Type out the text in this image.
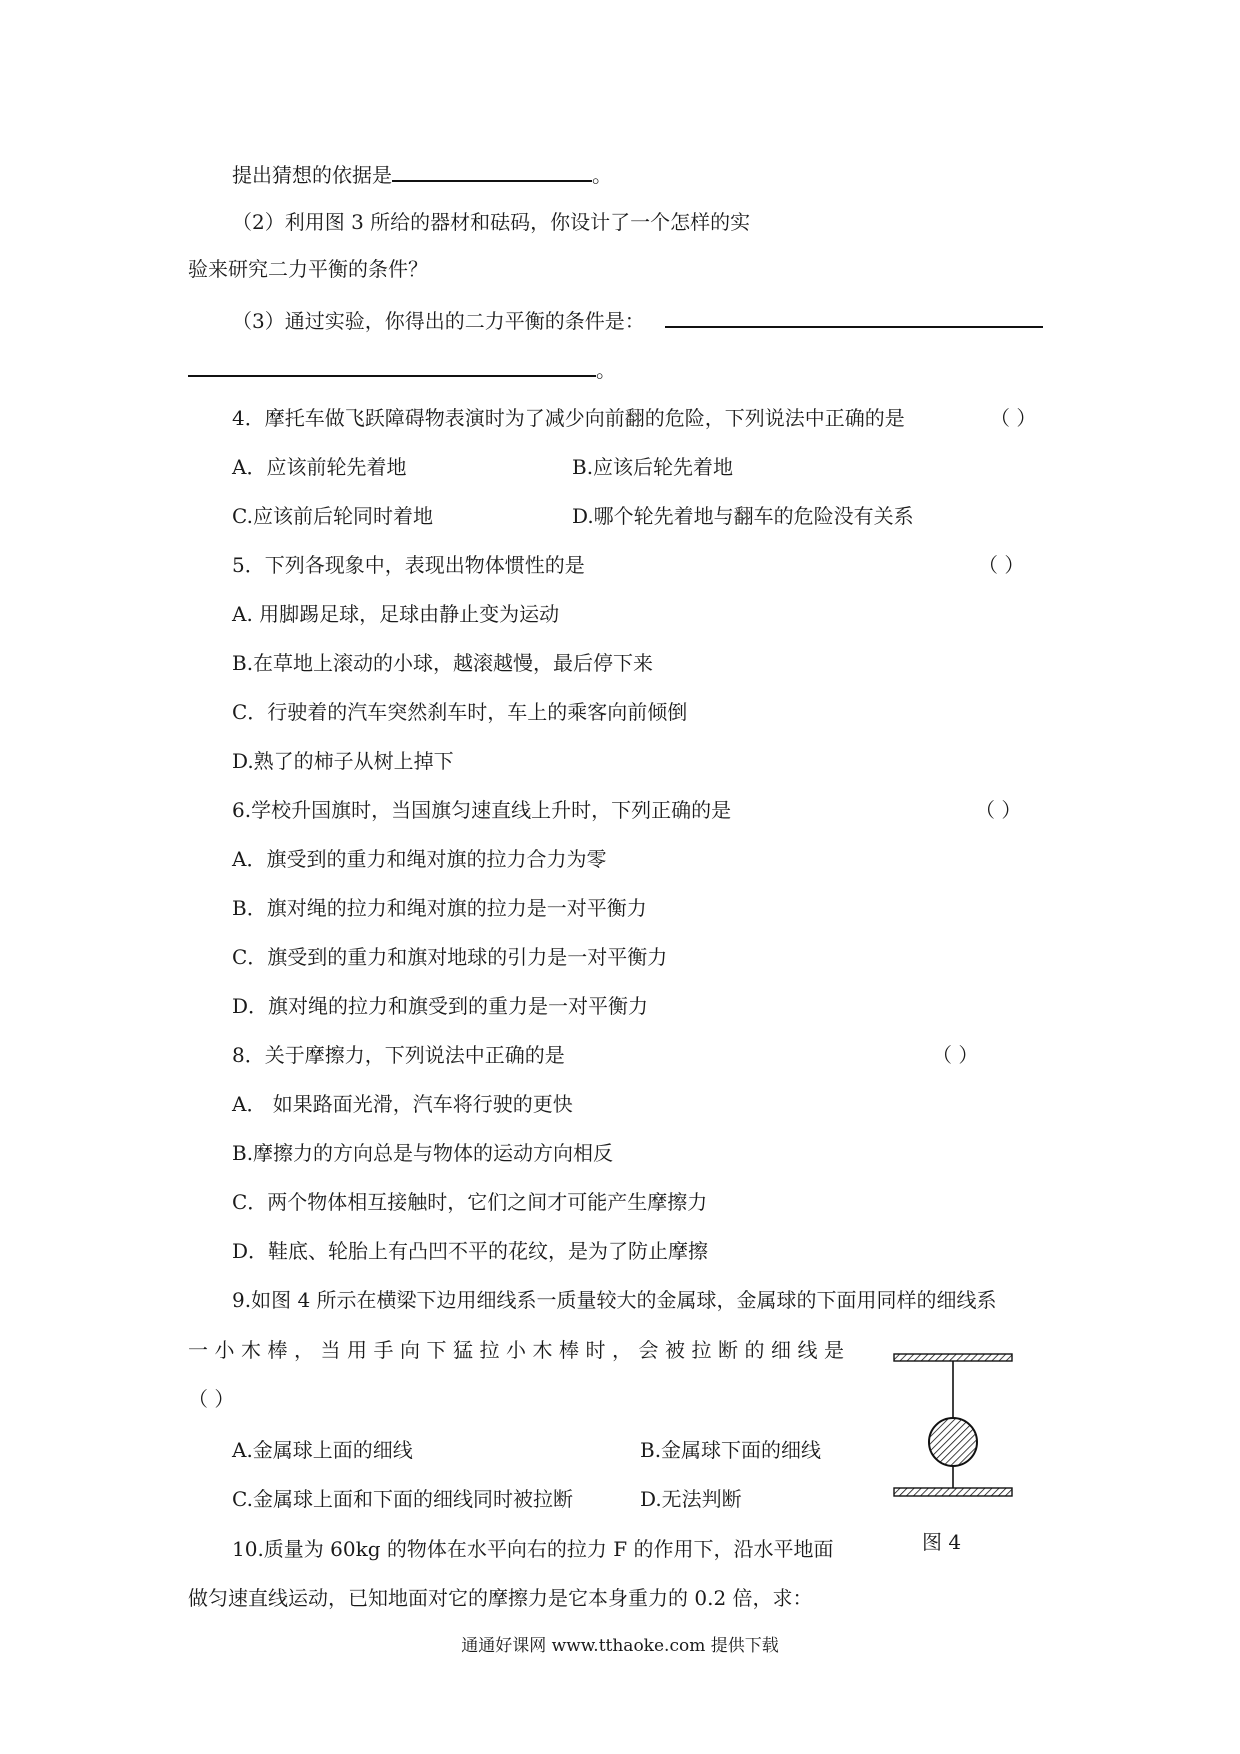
提出猜想的依据是	。
（2）利用图 3 所给的器材和砝码，你设计了一个怎样的实
验来研究二力平衡的条件？
（3）通过实验，你得出的二力平衡的条件是：
。
4．摩托车做飞跃障碍物表演时为了减少向前翻的危险，下列说法中正确的是	（ ）
A．应该前轮先着地	B.应该后轮先着地
C.应该前后轮同时着地	D.哪个轮先着地与翻车的危险没有关系
5．下列各现象中，表现出物体惯性的是	（ ）
A. 用脚踢足球，足球由静止变为运动
B.在草地上滚动的小球，越滚越慢，最后停下来
C．行驶着的汽车突然刹车时，车上的乘客向前倾倒
D.熟了的柿子从树上掉下
6.学校升国旗时，当国旗匀速直线上升时，下列正确的是	（ ）
A．旗受到的重力和绳对旗的拉力合力为零
B．旗对绳的拉力和绳对旗的拉力是一对平衡力
C．旗受到的重力和旗对地球的引力是一对平衡力
D．旗对绳的拉力和旗受到的重力是一对平衡力
8．关于摩擦力，下列说法中正确的是	（ ）
A． 如果路面光滑，汽车将行驶的更快
B.摩擦力的方向总是与物体的运动方向相反
C．两个物体相互接触时，它们之间才可能产生摩擦力
D．鞋底、轮胎上有凸凹不平的花纹，是为了防止摩擦
9.如图 4 所示在横梁下边用细线系一质量较大的金属球，金属球的下面用同样的细线系
一小木棒，当用手向下猛拉小木棒时，会被拉断的细线是
（ ）
A.金属球上面的细线	B.金属球下面的细线
C.金属球上面和下面的细线同时被拉断	D.无法判断
图 4
10.质量为 60kg 的物体在水平向右的拉力 F 的作用下，沿水平地面
做匀速直线运动，已知地面对它的摩擦力是它本身重力的 0.2 倍，求：
通通好课网 www.tthaoke.com 提供下载
